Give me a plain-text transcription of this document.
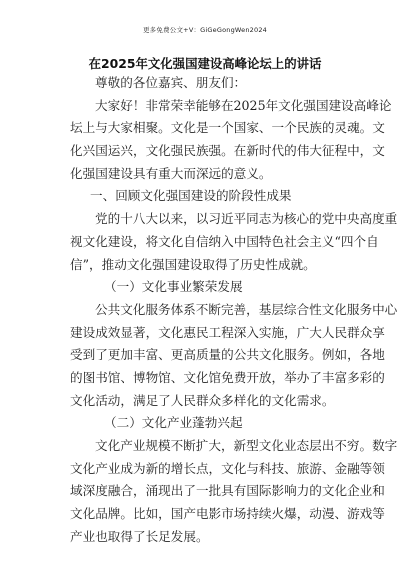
更多免费公文+V：GiGeGongWen2024
在2025年文化强国建设高峰论坛上的讲话
尊敬的各位嘉宾、朋友们：
大家好！非常荣幸能够在2025年文化强国建设高峰论
坛上与大家相聚。文化是一个国家、一个民族的灵魂。文
化兴国运兴，文化强民族强。在新时代的伟大征程中，文
化强国建设具有重大而深远的意义。
一、回顾文化强国建设的阶段性成果
党的十八大以来，以习近平同志为核心的党中央高度重
视文化建设，将文化自信纳入中国特色社会主义“四个自
信”，推动文化强国建设取得了历史性成就。
（一）文化事业繁荣发展
公共文化服务体系不断完善，基层综合性文化服务中心
建设成效显著，文化惠民工程深入实施，广大人民群众享
受到了更加丰富、更高质量的公共文化服务。例如，各地
的图书馆、博物馆、文化馆免费开放，举办了丰富多彩的
文化活动，满足了人民群众多样化的文化需求。
（二）文化产业蓬勃兴起
文化产业规模不断扩大，新型文化业态层出不穷。数字
文化产业成为新的增长点，文化与科技、旅游、金融等领
域深度融合，涌现出了一批具有国际影响力的文化企业和
文化品牌。比如，国产电影市场持续火爆，动漫、游戏等
产业也取得了长足发展。
